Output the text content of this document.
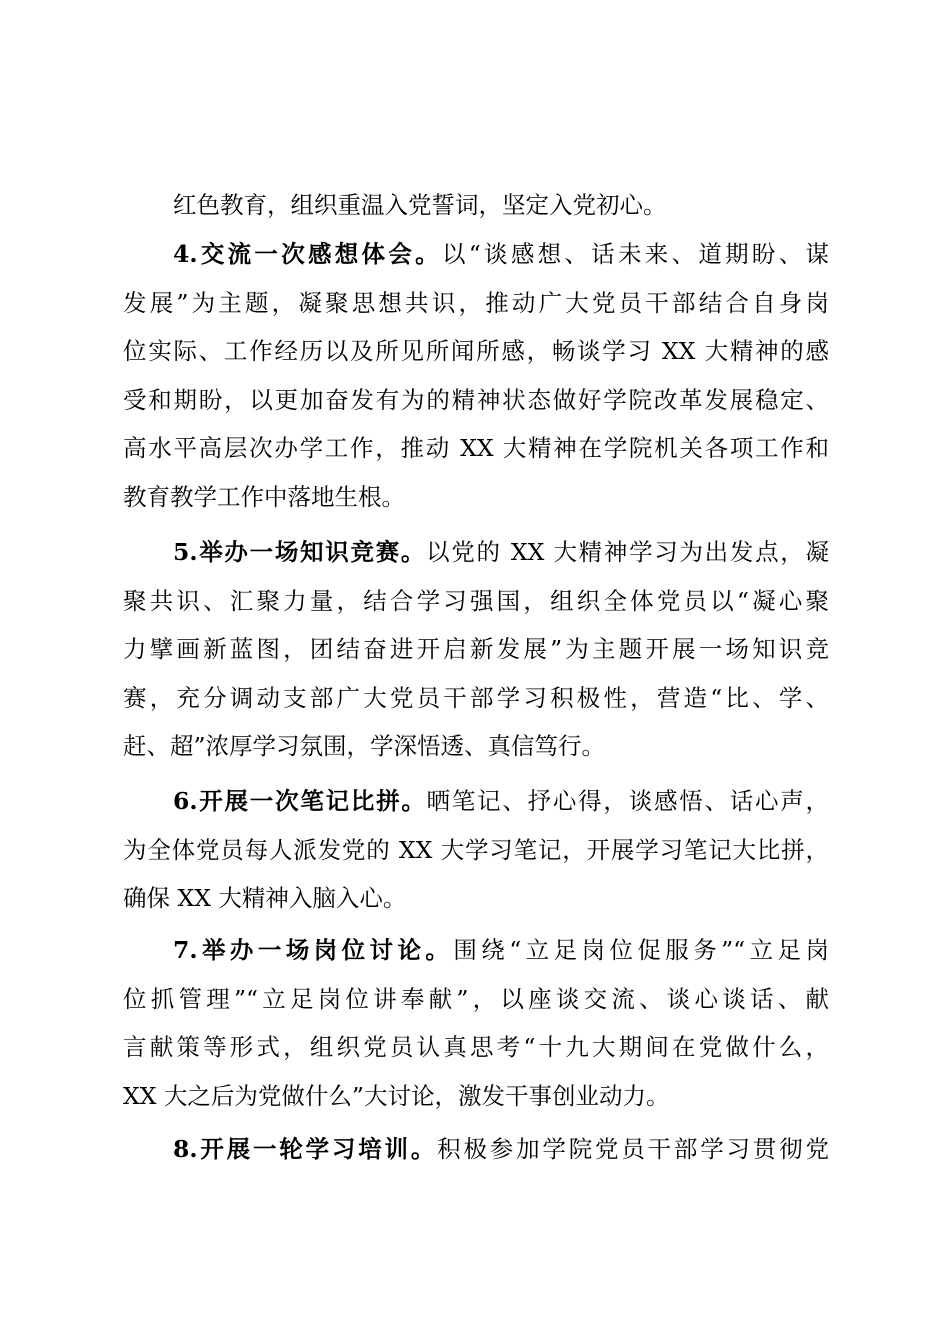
红色教育，组织重温入党誓词，坚定入党初心。

4.交流一次感想体会。以“谈感想、话未来、道期盼、谋
发展”为主题，凝聚思想共识，推动广大党员干部结合自身岗
位实际、工作经历以及所见所闻所感，畅谈学习 XX 大精神的感
受和期盼，以更加奋发有为的精神状态做好学院改革发展稳定、
高水平高层次办学工作，推动 XX 大精神在学院机关各项工作和
教育教学工作中落地生根。

5.举办一场知识竞赛。以党的 XX 大精神学习为出发点，凝
聚共识、汇聚力量，结合学习强国，组织全体党员以“凝心聚
力擘画新蓝图，团结奋进开启新发展”为主题开展一场知识竞
赛，充分调动支部广大党员干部学习积极性，营造“比、学、
赶、超”浓厚学习氛围，学深悟透、真信笃行。

6.开展一次笔记比拼。晒笔记、抒心得，谈感悟、话心声，
为全体党员每人派发党的 XX 大学习笔记，开展学习笔记大比拼，
确保 XX 大精神入脑入心。

7.举办一场岗位讨论。围绕“立足岗位促服务”“立足岗
位抓管理”“立足岗位讲奉献”，以座谈交流、谈心谈话、献
言献策等形式，组织党员认真思考“十九大期间在党做什么，
XX 大之后为党做什么”大讨论，激发干事创业动力。

8.开展一轮学习培训。积极参加学院党员干部学习贯彻党
